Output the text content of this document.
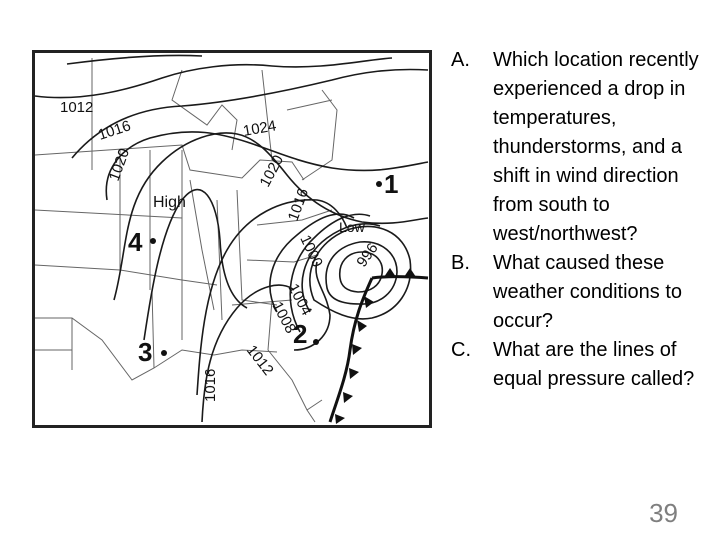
1012
1016
1020
1024
1020
1016
1012
1008
1004
1000 996
1016
High
Low
1
2
3
4
A. Which location recently experienced a drop in temperatures, thunderstorms, and a shift in wind direction from south to west/northwest?
B. What caused these weather conditions to occur?
C. What are the lines of equal pressure called?
39
